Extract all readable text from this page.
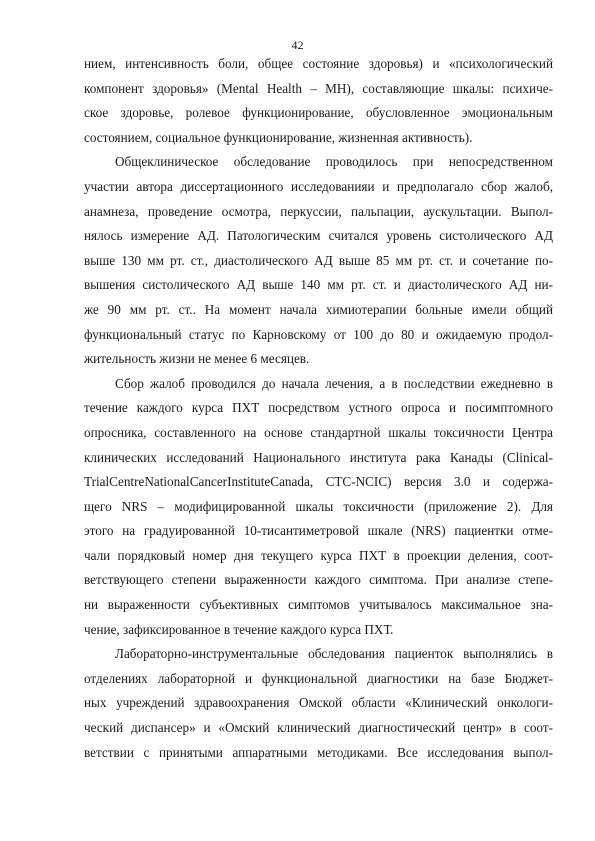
42
нием, интенсивность боли, общее состояние здоровья) и «психологический
компонент здоровья» (Mental Health – MH), составляющие шкалы: психиче-
ское здоровье, ролевое функционирование, обусловленное эмоциональным
состоянием, социальное функционирование, жизненная активность).
Общеклиническое обследование проводилось при непосредственном
участии автора диссертационного исследованияи и предполагало сбор жалоб,
анамнеза, проведение осмотра, перкуссии, пальпации, аускультации. Выпол-
нялось измерение АД. Патологическим считался уровень систолического АД
выше 130 мм рт. ст., диастолического АД выше 85 мм рт. ст. и сочетание по-
вышения систолического АД выше 140 мм рт. ст. и диастолического АД ни-
же 90 мм рт. ст.. На момент начала химиотерапии больные имели общий
функциональный статус по Карновскому от 100 до 80 и ожидаемую продол-
жительность жизни не менее 6 месяцев.
Сбор жалоб проводился до начала лечения, а в последствии ежедневно в
течение каждого курса ПХТ посредством устного опроса и посимптомного
опросника, составленного на основе стандартной шкалы токсичности Центра
клинических исследований Национального института рака Канады (Clinical-
TrialCentreNationalCancerInstituteCanada, CTC-NCIC) версия 3.0 и содержа-
щего NRS – модифицированной шкалы токсичности (приложение 2). Для
этого на градуированной 10-тисантиметровой шкале (NRS) пациентки отме-
чали порядковый номер дня текущего курса ПХТ в проекции деления, соот-
ветствующего степени выраженности каждого симптома. При анализе степе-
ни выраженности субъективных симптомов учитывалось максимальное зна-
чение, зафиксированное в течение каждого курса ПХТ.
Лабораторно-инструментальные обследования пациенток выполнялись в
отделениях лабораторной и функциональной диагностики на базе Бюджет-
ных учреждений здравоохранения Омской области «Клинический онкологи-
ческий диспансер» и «Омский клинический диагностический центр» в соот-
ветствии с принятыми аппаратными методиками. Все исследования выпол-
